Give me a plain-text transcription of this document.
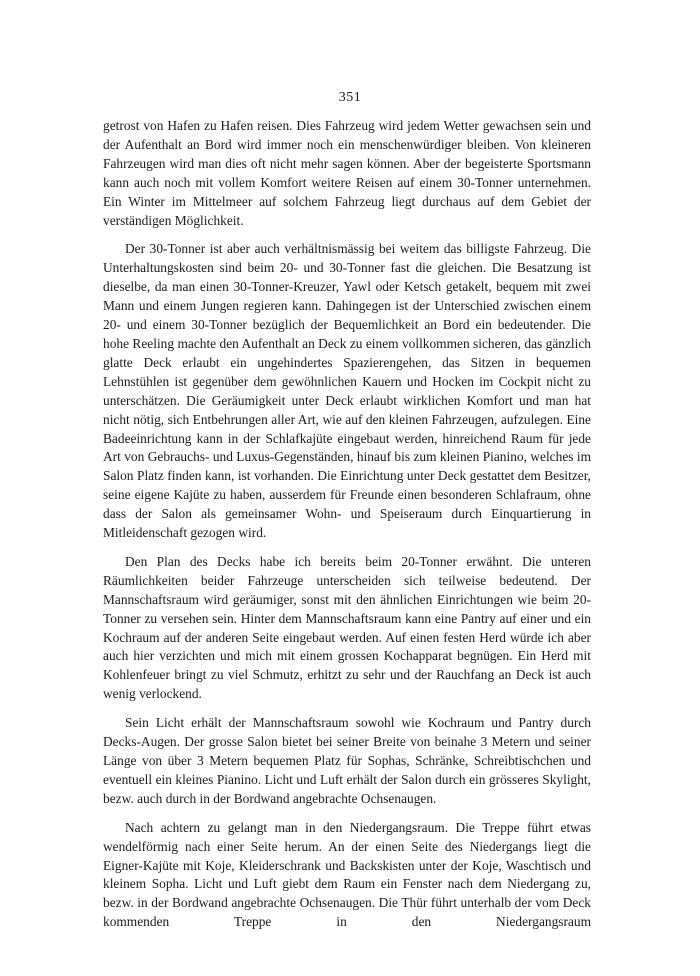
351

getrost von Hafen zu Hafen reisen. Dies Fahrzeug wird jedem Wetter gewachsen sein und der Aufenthalt an Bord wird immer noch ein menschenwürdiger bleiben. Von kleineren Fahrzeugen wird man dies oft nicht mehr sagen können. Aber der begeisterte Sportsmann kann auch noch mit vollem Komfort weitere Reisen auf einem 30-Tonner unternehmen. Ein Winter im Mittelmeer auf solchem Fahrzeug liegt durchaus auf dem Gebiet der verständigen Möglichkeit.

Der 30-Tonner ist aber auch verhältnismässig bei weitem das billigste Fahrzeug. Die Unterhaltungskosten sind beim 20- und 30-Tonner fast die gleichen. Die Besatzung ist dieselbe, da man einen 30-Tonner-Kreuzer, Yawl oder Ketsch getakelt, bequem mit zwei Mann und einem Jungen regieren kann. Dahingegen ist der Unterschied zwischen einem 20- und einem 30-Tonner bezüglich der Bequemlichkeit an Bord ein bedeutender. Die hohe Reeling machte den Aufenthalt an Deck zu einem vollkommen sicheren, das gänzlich glatte Deck erlaubt ein ungehindertes Spazierengehen, das Sitzen in bequemen Lehnstühlen ist gegenüber dem gewöhnlichen Kauern und Hocken im Cockpit nicht zu unterschätzen. Die Geräumigkeit unter Deck erlaubt wirklichen Komfort und man hat nicht nötig, sich Entbehrungen aller Art, wie auf den kleinen Fahrzeugen, aufzulegen. Eine Badeeinrichtung kann in der Schlafkajüte eingebaut werden, hinreichend Raum für jede Art von Gebrauchs- und Luxus-Gegenständen, hinauf bis zum kleinen Pianino, welches im Salon Platz finden kann, ist vorhanden. Die Einrichtung unter Deck gestattet dem Besitzer, seine eigene Kajüte zu haben, ausserdem für Freunde einen besonderen Schlafraum, ohne dass der Salon als gemeinsamer Wohn- und Speiseraum durch Einquartierung in Mitleidenschaft gezogen wird.

Den Plan des Decks habe ich bereits beim 20-Tonner erwähnt. Die unteren Räumlichkeiten beider Fahrzeuge unterscheiden sich teilweise bedeutend. Der Mannschaftsraum wird geräumiger, sonst mit den ähnlichen Einrichtungen wie beim 20-Tonner zu versehen sein. Hinter dem Mannschaftsraum kann eine Pantry auf einer und ein Kochraum auf der anderen Seite eingebaut werden. Auf einen festen Herd würde ich aber auch hier verzichten und mich mit einem grossen Kochapparat begnügen. Ein Herd mit Kohlenfeuer bringt zu viel Schmutz, erhitzt zu sehr und der Rauchfang an Deck ist auch wenig verlockend.

Sein Licht erhält der Mannschaftsraum sowohl wie Kochraum und Pantry durch Decks-Augen. Der grosse Salon bietet bei seiner Breite von beinahe 3 Metern und seiner Länge von über 3 Metern bequemen Platz für Sophas, Schränke, Schreibtischchen und eventuell ein kleines Pianino. Licht und Luft erhält der Salon durch ein grösseres Skylight, bezw. auch durch in der Bordwand angebrachte Ochsenaugen.

Nach achtern zu gelangt man in den Niedergangsraum. Die Treppe führt etwas wendelförmig nach einer Seite herum. An der einen Seite des Niedergangs liegt die Eigner-Kajüte mit Koje, Kleiderschrank und Backskisten unter der Koje, Waschtisch und kleinem Sopha. Licht und Luft giebt dem Raum ein Fenster nach dem Niedergang zu, bezw. in der Bordwand angebrachte Ochsenaugen. Die Thür führt unterhalb der vom Deck kommenden Treppe in den Niedergangsraum
